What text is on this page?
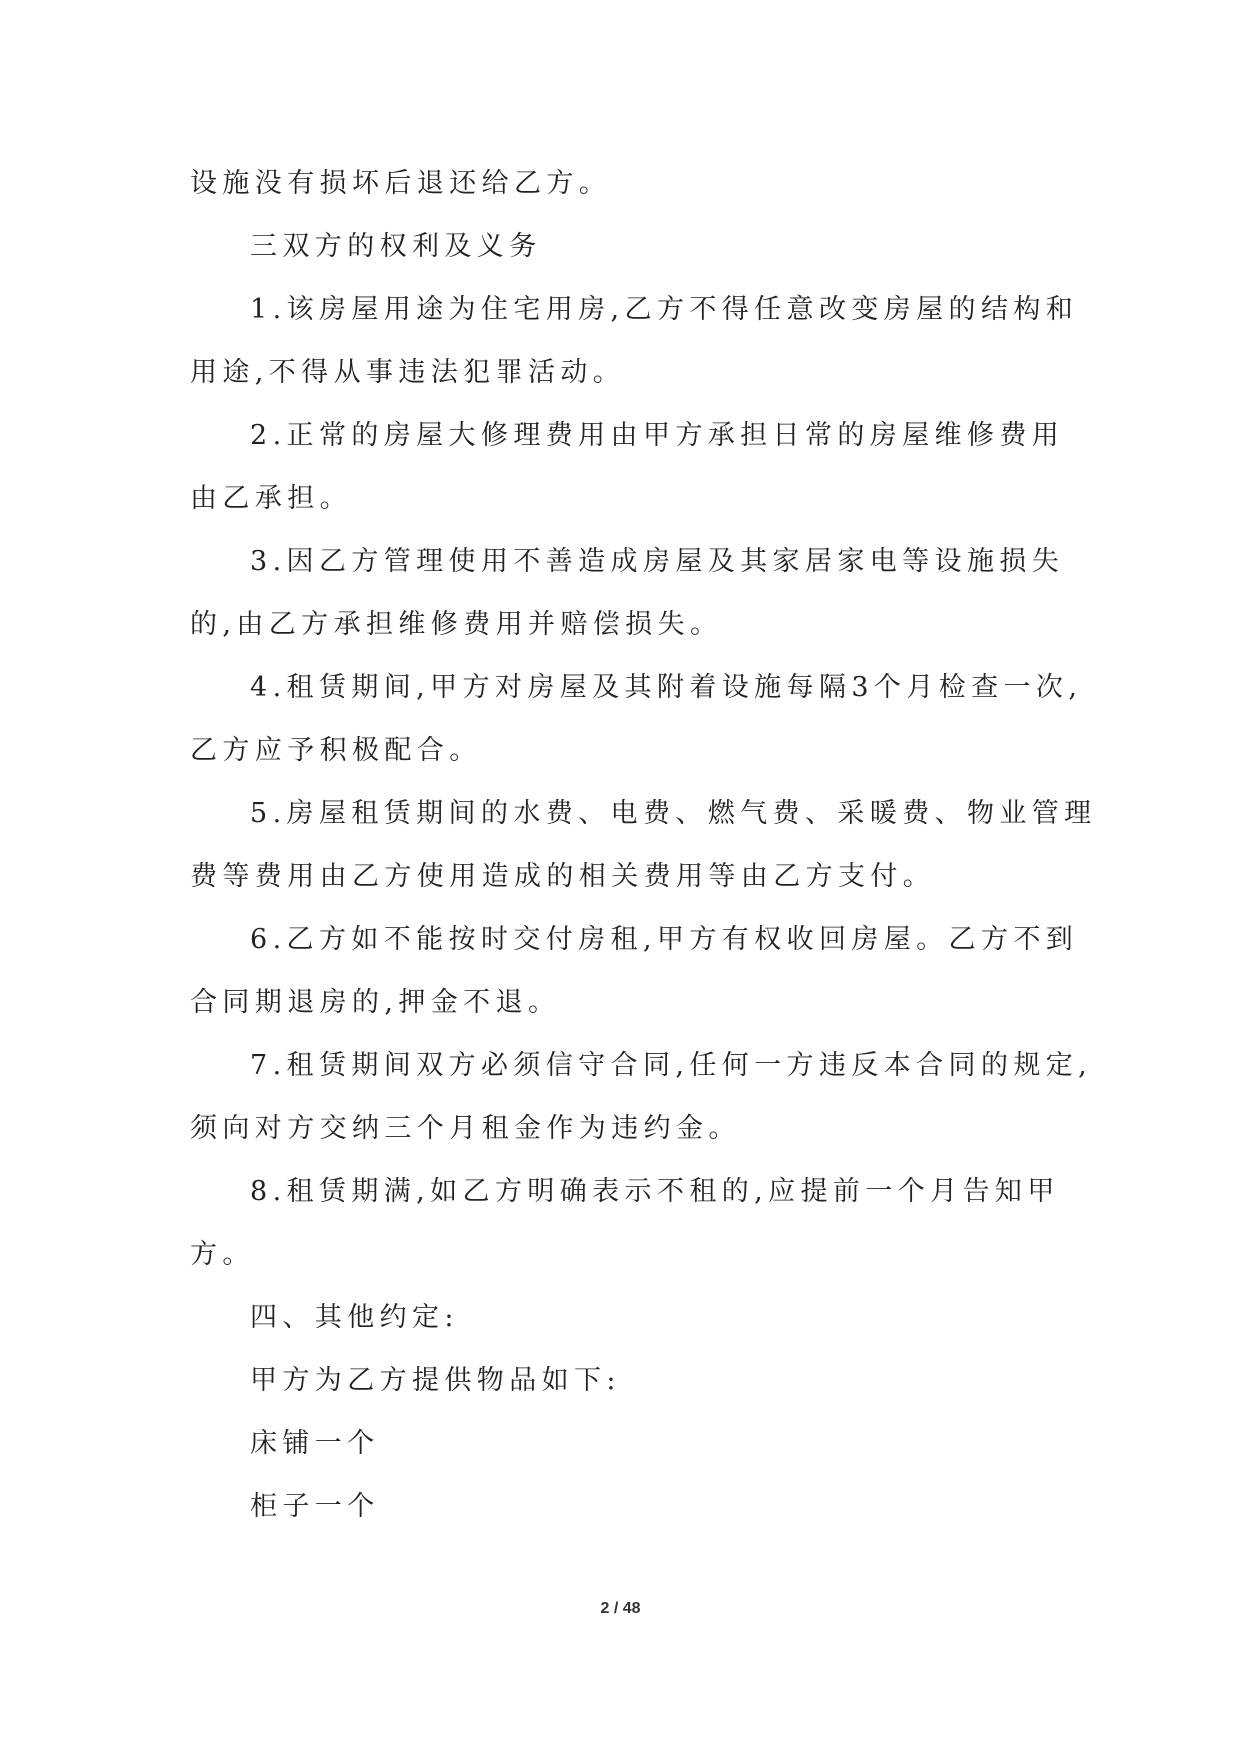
设施没有损坏后退还给乙方。
三双方的权利及义务
1.该房屋用途为住宅用房,乙方不得任意改变房屋的结构和
用途,不得从事违法犯罪活动。
2.正常的房屋大修理费用由甲方承担日常的房屋维修费用
由乙承担。
3.因乙方管理使用不善造成房屋及其家居家电等设施损失
的,由乙方承担维修费用并赔偿损失。
4.租赁期间,甲方对房屋及其附着设施每隔3个月检查一次,
乙方应予积极配合。
5.房屋租赁期间的水费、电费、燃气费、采暖费、物业管理
费等费用由乙方使用造成的相关费用等由乙方支付。
6.乙方如不能按时交付房租,甲方有权收回房屋。乙方不到
合同期退房的,押金不退。
7.租赁期间双方必须信守合同,任何一方违反本合同的规定,
须向对方交纳三个月租金作为违约金。
8.租赁期满,如乙方明确表示不租的,应提前一个月告知甲
方。
四、其他约定:
甲方为乙方提供物品如下:
床铺一个
柜子一个
2 / 48
